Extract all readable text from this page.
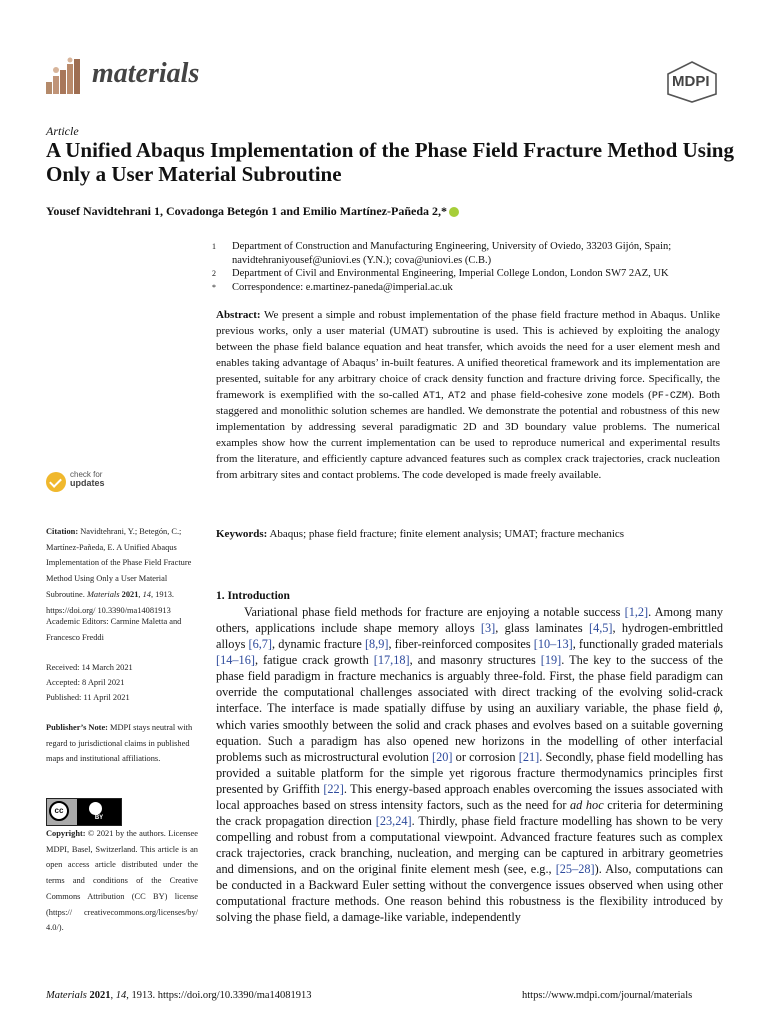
materials	MDPI
Article
A Unified Abaqus Implementation of the Phase Field Fracture Method Using Only a User Material Subroutine
Yousef Navidtehrani 1, Covadonga Betegón 1 and Emilio Martínez-Pañeda 2,*
1 Department of Construction and Manufacturing Engineering, University of Oviedo, 33203 Gijón, Spain; navidtehraniyousef@uniovi.es (Y.N.); cova@uniovi.es (C.B.)
2 Department of Civil and Environmental Engineering, Imperial College London, London SW7 2AZ, UK
* Correspondence: e.martinez-paneda@imperial.ac.uk
Abstract: We present a simple and robust implementation of the phase field fracture method in Abaqus. Unlike previous works, only a user material (UMAT) subroutine is used. This is achieved by exploiting the analogy between the phase field balance equation and heat transfer, which avoids the need for a user element mesh and enables taking advantage of Abaqus’ in-built features. A unified theoretical framework and its implementation are presented, suitable for any arbitrary choice of crack density function and fracture driving force. Specifically, the framework is exemplified with the so-called AT1, AT2 and phase field-cohesive zone models (PF-CZM). Both staggered and monolithic solution schemes are handled. We demonstrate the potential and robustness of this new implementation by addressing several paradigmatic 2D and 3D boundary value problems. The numerical examples show how the current implementation can be used to reproduce numerical and experimental results from the literature, and efficiently capture advanced features such as complex crack trajectories, crack nucleation from arbitrary sites and contact problems. The code developed is made freely available.
Keywords: Abaqus; phase field fracture; finite element analysis; UMAT; fracture mechanics
check for
updates
Citation: Navidtehrani, Y.; Betegón, C.; Martínez-Pañeda, E. A Unified Abaqus Implementation of the Phase Field Fracture Method Using Only a User Material Subroutine. Materials 2021, 14, 1913. https://doi.org/ 10.3390/ma14081913
Academic Editors: Carmine Maletta and Francesco Freddi
Received: 14 March 2021
Accepted: 8 April 2021
Published: 11 April 2021
Publisher’s Note: MDPI stays neutral with regard to jurisdictional claims in published maps and institutional affiliations.
cc
BY
Copyright: © 2021 by the authors. Licensee MDPI, Basel, Switzerland. This article is an open access article distributed under the terms and conditions of the Creative Commons Attribution (CC BY) license (https:// creativecommons.org/licenses/by/ 4.0/).
1. Introduction
Variational phase field methods for fracture are enjoying a notable success [1,2]. Among many others, applications include shape memory alloys [3], glass laminates [4,5], hydrogen-embrittled alloys [6,7], dynamic fracture [8,9], fiber-reinforced composites [10–13], functionally graded materials [14–16], fatigue crack growth [17,18], and masonry structures [19]. The key to the success of the phase field paradigm in fracture mechanics is arguably three-fold. First, the phase field paradigm can override the computational challenges associated with direct tracking of the evolving solid-crack interface. The interface is made spatially diffuse by using an auxiliary variable, the phase field ϕ, which varies smoothly between the solid and crack phases and evolves based on a suitable governing equation. Such a paradigm has also opened new horizons in the modelling of other interfacial problems such as microstructural evolution [20] or corrosion [21]. Secondly, phase field modelling has provided a suitable platform for the simple yet rigorous fracture thermodynamics principles first presented by Griffith [22]. This energy-based approach enables overcoming the issues associated with local approaches based on stress intensity factors, such as the need for ad hoc criteria for determining the crack propagation direction [23,24]. Thirdly, phase field fracture modelling has shown to be very compelling and robust from a computational viewpoint. Advanced fracture features such as complex crack trajectories, crack branching, nucleation, and merging can be captured in arbitrary geometries and dimensions, and on the original finite element mesh (see, e.g., [25–28]). Also, computations can be conducted in a Backward Euler setting without the convergence issues observed when using other computational fracture methods. One reason behind this robustness is the flexibility introduced by solving the phase field, a damage-like variable, independently
Materials 2021, 14, 1913. https://doi.org/10.3390/ma14081913	https://www.mdpi.com/journal/materials
